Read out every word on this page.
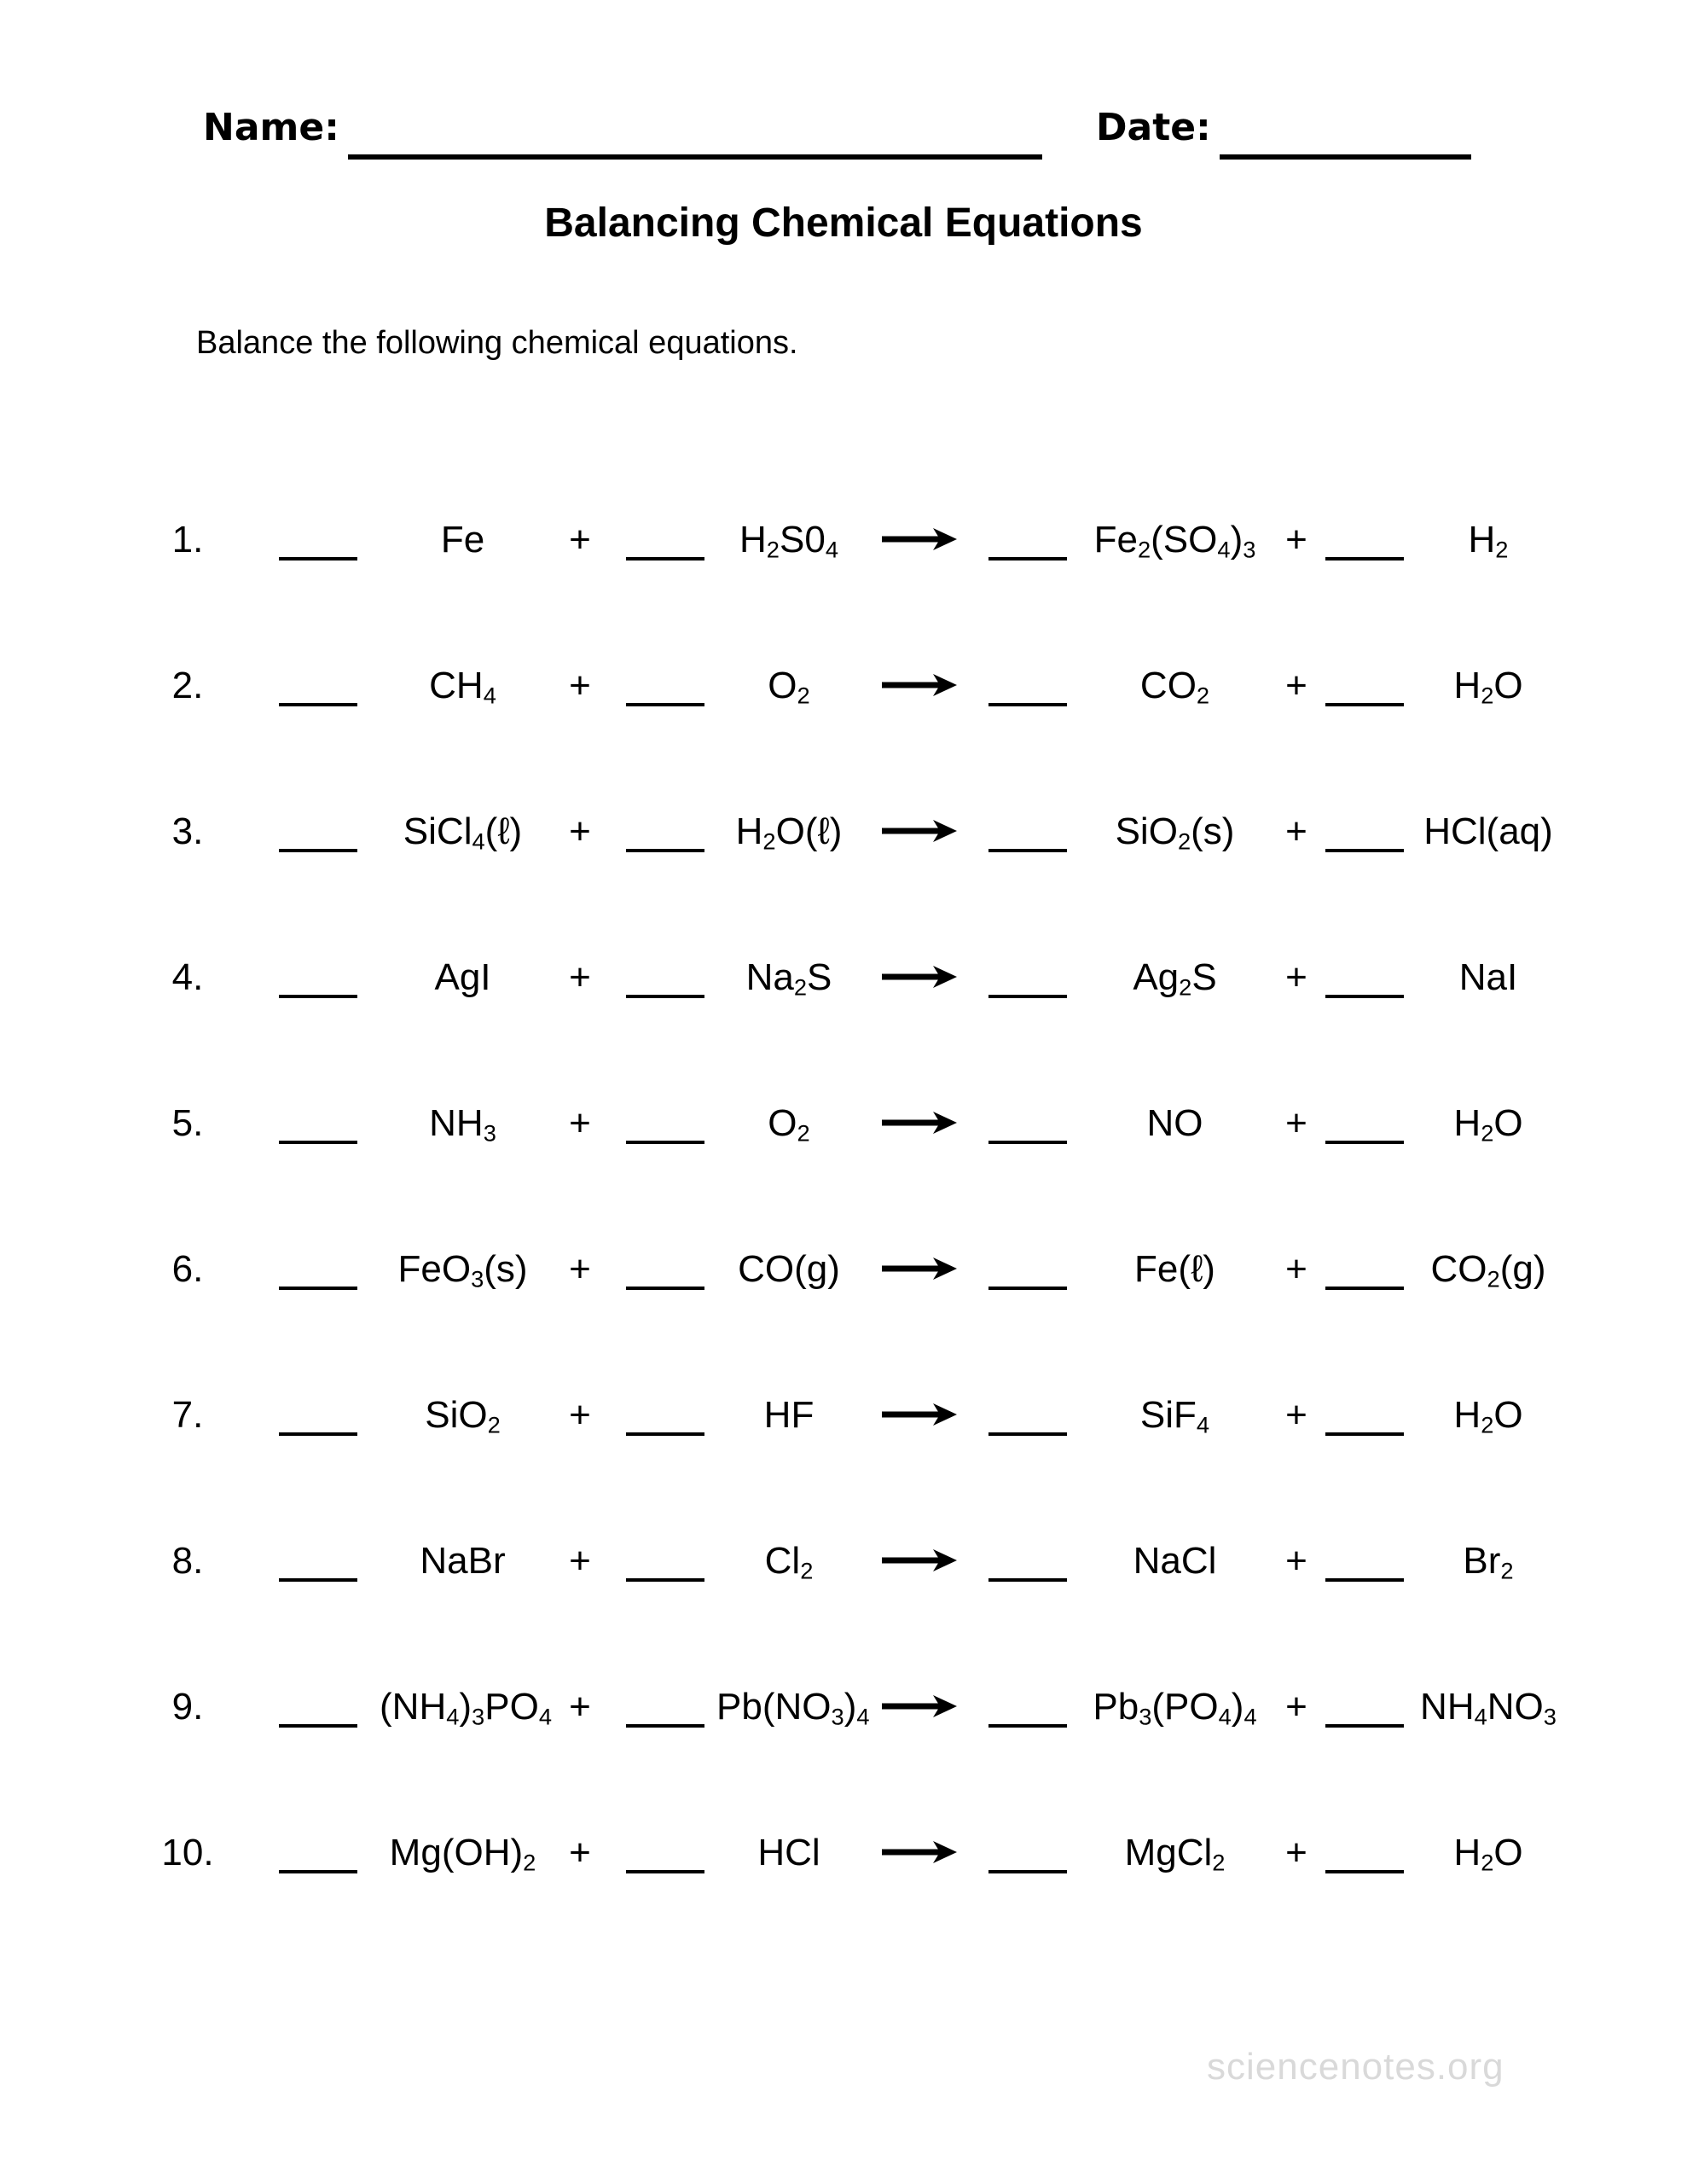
Name:	Date:
Balancing Chemical Equations
Balance the following chemical equations.
1.	Fe	+	$H_2S0_4$ →	$Fe_2(SO_4)_3$ +	$H_2$
2.	$CH_4$	+	$O_2$	→	$CO_2$	+	$H_2O$
3.	SiCl$_4$(ℓ)	+	$H_2O(\ell)$ →	SiO$_2$(s)	+	HCl(aq)
4.	AgI	+	$Na_2S$ →	$Ag_2S$	+	NaI
5.	$NH_3$	+	$O_2$	→	NO	+	$H_2O$
6.	FeO$_3$(s)	+	CO(g) →	Fe(ℓ)	+	$CO_2(g)$
7.	SiO$_2$	+	HF	→	SiF$_4$	+	$H_2O$
8.	NaBr	+	$Cl_2$	→	NaCl	+	$Br_2$
9.	$(NH_4)_3PO_4$ +	$Pb(NO_3)_4$	$Pb_3(PO_4)_4$ +	$NH_4NO_3$
10.	$Mg(OH)_2$ +	HCl	→	MgCl$_2$	+	$H_2O$
sciencenotes.org
